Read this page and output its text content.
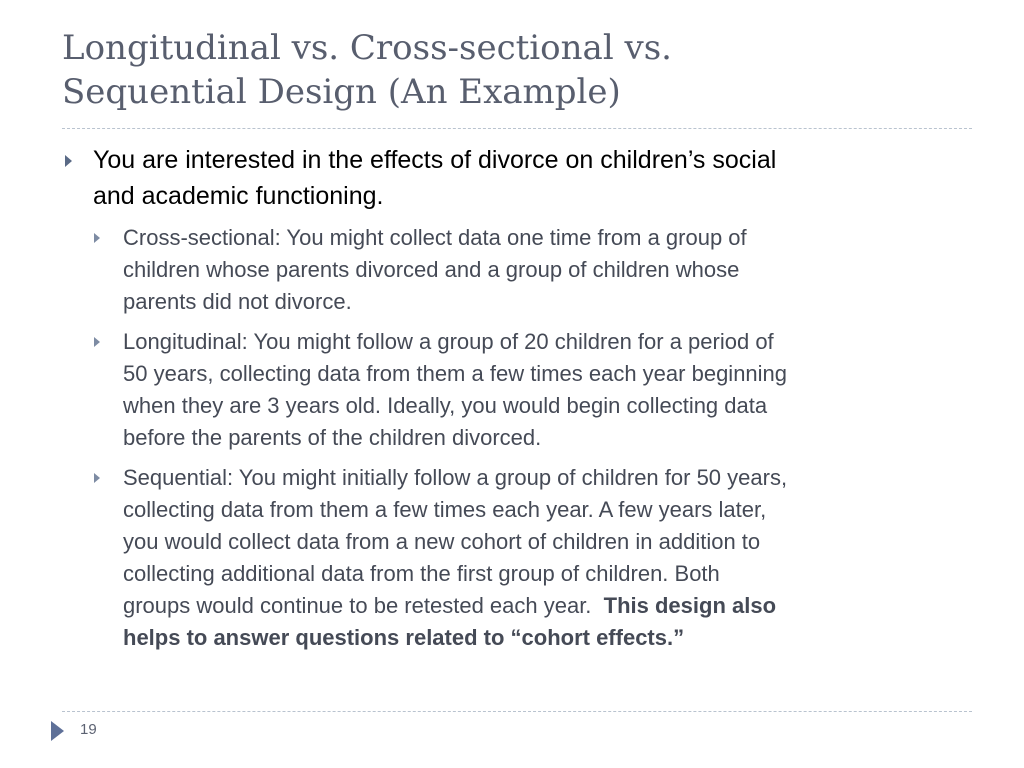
Longitudinal vs. Cross-sectional vs.
Sequential Design (An Example)
You are interested in the effects of divorce on children’s social
and academic functioning.
Cross-sectional: You might collect data one time from a group of
children whose parents divorced and a group of children whose
parents did not divorce.
Longitudinal: You might follow a group of 20 children for a period of
50 years, collecting data from them a few times each year beginning
when they are 3 years old. Ideally, you would begin collecting data
before the parents of the children divorced.
Sequential: You might initially follow a group of children for 50 years,
collecting data from them a few times each year. A few years later,
you would collect data from a new cohort of children in addition to
collecting additional data from the first group of children. Both
groups would continue to be retested each year.  This design also
helps to answer questions related to “cohort effects.”
19
